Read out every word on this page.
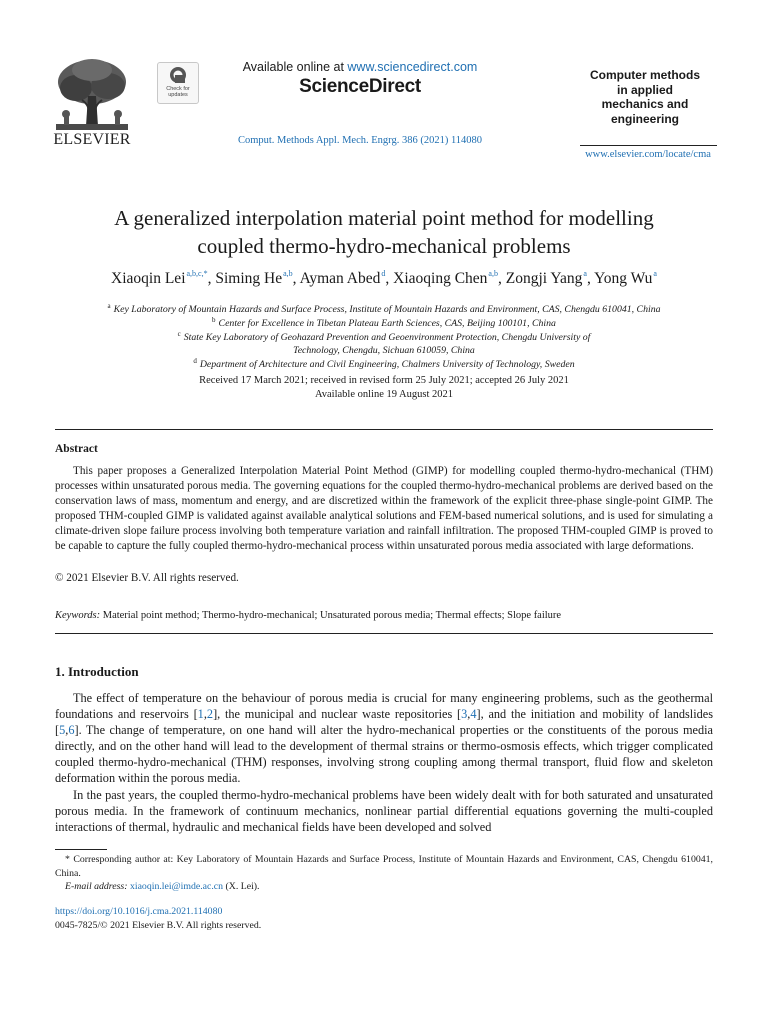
ELSEVIER
Check for updates
Available online at www.sciencedirect.com
ScienceDirect
Comput. Methods Appl. Mech. Engrg. 386 (2021) 114080
Computer methods
in applied
mechanics and
engineering
www.elsevier.com/locate/cma
A generalized interpolation material point method for modelling
coupled thermo-hydro-mechanical problems
Xiaoqin Lei$^{a,b,c,*}$, Siming He$^{a,b}$, Ayman Abed$^d$, Xiaoqing Chen$^{a,b}$, Zongji Yang$^a$, Yong Wu$^a$
$^a$ Key Laboratory of Mountain Hazards and Surface Process, Institute of Mountain Hazards and Environment, CAS, Chengdu 610041, China
$^b$ Center for Excellence in Tibetan Plateau Earth Sciences, CAS, Beijing 100101, China
$^c$ State Key Laboratory of Geohazard Prevention and Geoenvironment Protection, Chengdu University of
Technology, Chengdu, Sichuan 610059, China
$^d$ Department of Architecture and Civil Engineering, Chalmers University of Technology, Sweden
Received 17 March 2021; received in revised form 25 July 2021; accepted 26 July 2021
Available online 19 August 2021
Abstract

This paper proposes a Generalized Interpolation Material Point Method (GIMP) for modelling coupled thermo-hydro-mechanical (THM) processes within unsaturated porous media. The governing equations for the coupled thermo-hydro-mechanical problems are derived based on the conservation laws of mass, momentum and energy, and are discretized within the framework of the explicit three-phase single-point GIMP. The proposed THM-coupled GIMP is validated against available analytical solutions and FEM-based numerical solutions, and is used for simulating a climate-driven slope failure process involving both temperature variation and rainfall infiltration. The proposed THM-coupled GIMP is proved to be capable to capture the fully coupled thermo-hydro-mechanical process within unsaturated porous media associated with large deformations.

© 2021 Elsevier B.V. All rights reserved.
Keywords: Material point method; Thermo-hydro-mechanical; Unsaturated porous media; Thermal effects; Slope failure
1. Introduction

The effect of temperature on the behaviour of porous media is crucial for many engineering problems, such as the geothermal foundations and reservoirs [1,2], the municipal and nuclear waste repositories [3,4], and the initiation and mobility of landslides [5,6]. The change of temperature, on one hand will alter the hydro-mechanical properties or the constituents of the porous media directly, and on the other hand will lead to the development of thermal strains or thermo-osmosis effects, which trigger complicated coupled thermo-hydro-mechanical (THM) responses, involving strong coupling among thermal transport, fluid flow and skeleton deformation within the porous media.

In the past years, the coupled thermo-hydro-mechanical problems have been widely dealt with for both saturated and unsaturated porous media. In the framework of continuum mechanics, nonlinear partial differential equations governing the multi-coupled interactions of thermal, hydraulic and mechanical fields have been developed and solved

* Corresponding author at: Key Laboratory of Mountain Hazards and Surface Process, Institute of Mountain Hazards and Environment, CAS, Chengdu 610041, China.

E-mail address: xiaoqin.lei@imde.ac.cn (X. Lei).

https://doi.org/10.1016/j.cma.2021.114080
0045-7825/© 2021 Elsevier B.V. All rights reserved.
